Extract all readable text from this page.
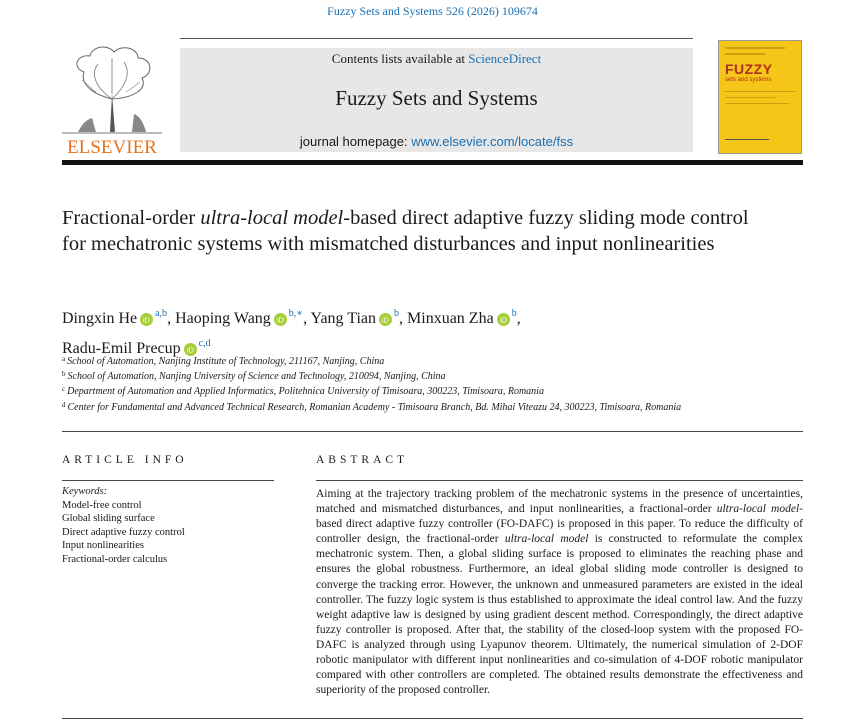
Fuzzy Sets and Systems 526 (2026) 109674
ELSEVIER
Contents lists available at ScienceDirect
Fuzzy Sets and Systems
journal homepage: www.elsevier.com/locate/fss
FUZZY
sets and systems
Fractional-order ultra-local model-based direct adaptive fuzzy sliding mode control for mechatronic systems with mismatched disturbances and input nonlinearities
Dingxin He iD
$^{a,b}$, Haoping Wang iD
$^{b,∗}$, Yang Tian iD
$^b$, Minxuan Zha iD
$^b$,
Radu-Emil Precup iD
$^{c,d}$
$^a$ School of Automation, Nanjing Institute of Technology, 211167, Nanjing, China
$^b$ School of Automation, Nanjing University of Science and Technology, 210094, Nanjing, China
$^c$ Department of Automation and Applied Informatics, Politehnica University of Timisoara, 300223, Timisoara, Romania
$^d$ Center for Fundamental and Advanced Technical Research, Romanian Academy - Timisoara Branch, Bd. Mihai Viteazu 24, 300223, Timisoara, Romania
ARTICLE INFO	ABSTRACT
Keywords:
Model-free control
Global sliding surface
Direct adaptive fuzzy control
Input nonlinearities
Fractional-order calculus

Aiming at the trajectory tracking problem of the mechatronic systems in the presence of uncertainties, matched and mismatched disturbances, and input nonlinearities, a fractional-order ultra-local model-based direct adaptive fuzzy controller (FO-DAFC) is proposed in this paper. To reduce the difficulty of controller design, the fractional-order ultra-local model is constructed to reformulate the complex mechatronic system. Then, a global sliding surface is proposed to eliminates the reaching phase and ensures the global robustness. Furthermore, an ideal global sliding mode controller is designed to converge the tracking error. However, the unknown and unmeasured parameters are existed in the ideal controller. The fuzzy logic system is thus established to approximate the ideal control law. And the fuzzy weight adaptive law is designed by using gradient descent method. Correspondingly, the direct adaptive fuzzy controller is proposed. After that, the stability of the closed-loop system with the proposed FO-DAFC is analyzed through using Lyapunov theorem. Ultimately, the numerical simulation of 2-DOF robotic manipulator with different input nonlinearities and co-simulation of 4-DOF robotic manipulator compared with other controllers are completed. The obtained results demonstrate the effectiveness and superiority of the proposed controller.
